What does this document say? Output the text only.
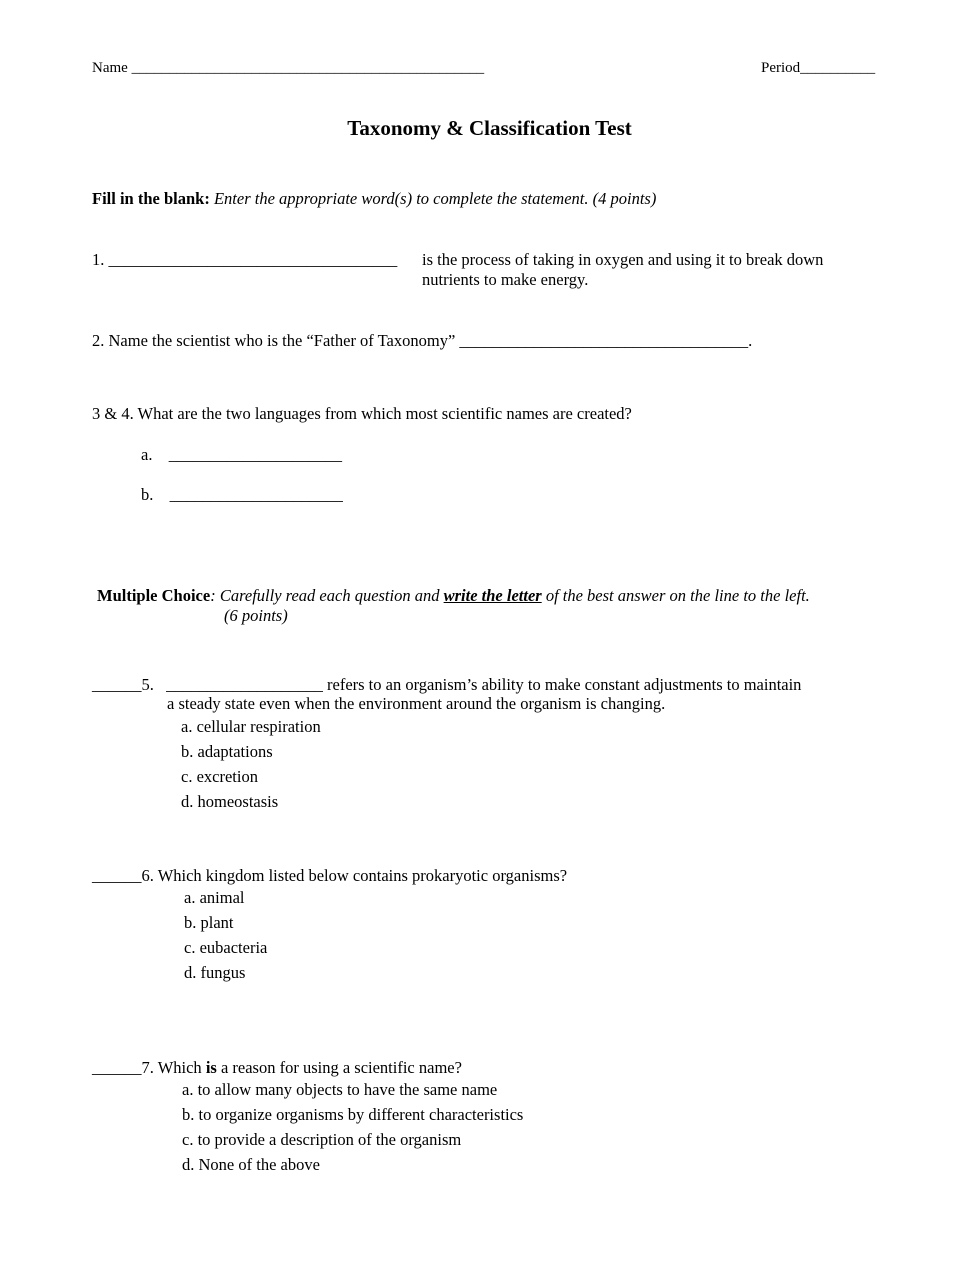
Name _______________________________________________	Period__________
Taxonomy & Classification Test
Fill in the blank: Enter the appropriate word(s) to complete the statement. (4 points)
1. ___________________________________ is the process of taking in oxygen and using it to break down
nutrients to make energy.
2. Name the scientist who is the “Father of Taxonomy” ___________________________________.
3 & 4. What are the two languages from which most scientific names are created?
a. _____________________
b. _____________________
Multiple Choice: Carefully read each question and write the letter of the best answer on the line to the left.
(6 points)
______5. ___________________ refers to an organism’s ability to make constant adjustments to maintain
a steady state even when the environment around the organism is changing.
a. cellular respiration
b. adaptations
c. excretion
d. homeostasis
______6. Which kingdom listed below contains prokaryotic organisms?
a. animal
b. plant
c. eubacteria
d. fungus
______7. Which is a reason for using a scientific name?
a. to allow many objects to have the same name
b. to organize organisms by different characteristics
c. to provide a description of the organism
d. None of the above
